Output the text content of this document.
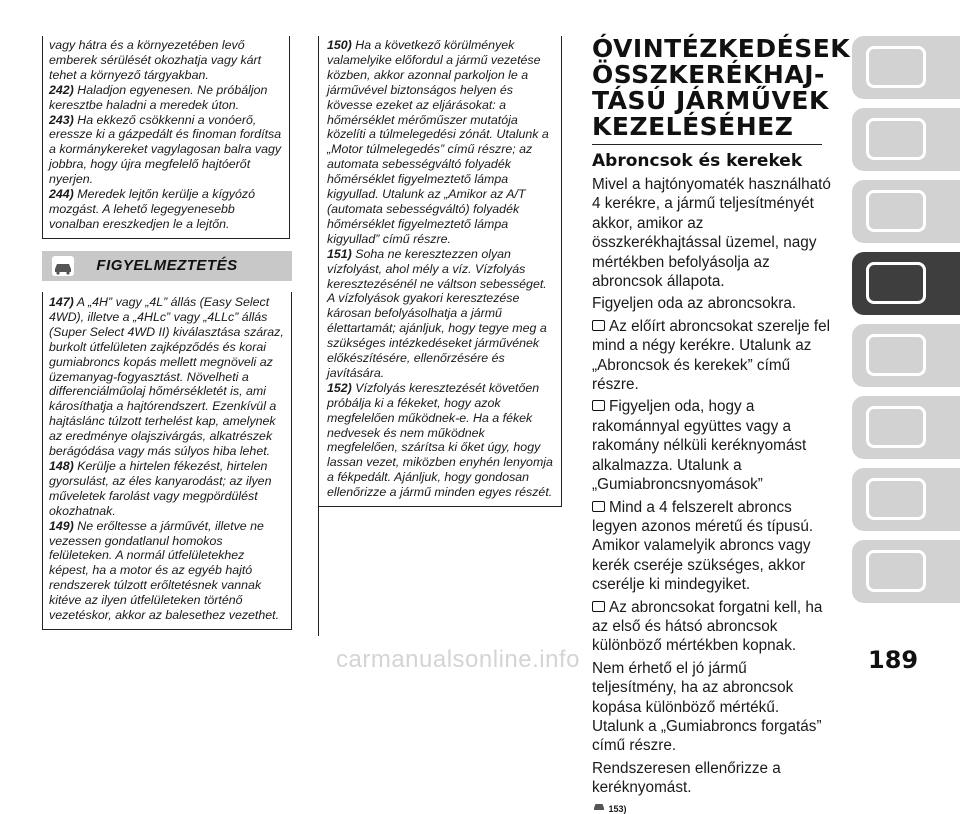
vagy hátra és a környezetében levő emberek sérülését okozhatja vagy kárt tehet a környező tárgyakban.

242) Haladjon egyenesen. Ne próbáljon keresztbe haladni a meredek úton.

243) Ha ekkező csökkenni a vonóerő, eressze ki a gázpedált és finoman fordítsa a kormánykereket vagylagosan balra vagy jobbra, hogy újra megfelelő hajtóerőt nyerjen.

244) Meredek lejtőn kerülje a kígyózó mozgást. A lehető legegyenesebb vonalban ereszkedjen le a lejtőn.

FIGYELMEZTETÉS

147) A „4H” vagy „4L” állás (Easy Select 4WD), illetve a „4HLc” vagy „4LLc” állás (Super Select 4WD II) kiválasztása száraz, burkolt útfelületen zajképződés és korai gumiabroncs kopás mellett megnöveli az üzemanyag-fogyasztást. Növelheti a differenciálműolaj hőmérsékletét is, ami károsíthatja a hajtórendszert. Ezenkívül a hajtáslánc túlzott terhelést kap, amelynek az eredménye olajszivárgás, alkatrészek berágódása vagy más súlyos hiba lehet.

148) Kerülje a hirtelen fékezést, hirtelen gyorsulást, az éles kanyarodást; az ilyen műveletek farolást vagy megpördülést okozhatnak.

149) Ne erőltesse a járművét, illetve ne vezessen gondatlanul homokos felületeken. A normál útfelületekhez képest, ha a motor és az egyéb hajtó rendszerek túlzott erőltetésnek vannak kitéve az ilyen útfelületeken történő vezetéskor, akkor az balesethez vezethet.

150) Ha a következő körülmények valamelyike előfordul a jármű vezetése közben, akkor azonnal parkoljon le a járművével biztonságos helyen és kövesse ezeket az eljárásokat: a hőmérséklet mérőműszer mutatója közelíti a túlmelegedési zónát. Utalunk a „Motor túlmelegedés” című részre; az automata sebességváltó folyadék hőmérséklet figyelmeztető lámpa kigyullad. Utalunk az „Amikor az A/T (automata sebességváltó) folyadék hőmérséklet figyelmeztető lámpa kigyullad” című részre.

151) Soha ne keresztezzen olyan vízfolyást, ahol mély a víz. Vízfolyás keresztezésénél ne váltson sebességet. A vízfolyások gyakori keresztezése károsan befolyásolhatja a jármű élettartamát; ajánljuk, hogy tegye meg a szükséges intézkedéseket járművének előkészítésére, ellenőrzésére és javítására.

152) Vízfolyás keresztezését követően próbálja ki a fékeket, hogy azok megfelelően működnek-e. Ha a fékek nedvesek és nem működnek megfelelően, szárítsa ki őket úgy, hogy lassan vezet, miközben enyhén lenyomja a fékpedált. Ajánljuk, hogy gondosan ellenőrizze a jármű minden egyes részét.

ÓVINTÉZKEDÉSEK ÖSSZKERÉKHAJ-TÁSÚ JÁRMŰVEK KEZELÉSÉHEZ
Abroncsok és kerekek

Mivel a hajtónyomaték használható 4 kerékre, a jármű teljesítményét akkor, amikor az összkerékhajtással üzemel, nagy mértékben befolyásolja az abroncsok állapota.

Figyeljen oda az abroncsokra.

Az előírt abroncsokat szerelje fel mind a négy kerékre. Utalunk az „Abroncsok és kerekek” című részre.

Figyeljen oda, hogy a rakománnyal együttes vagy a rakomány nélküli keréknyomást alkalmazza. Utalunk a „Gumiabroncsnyomások”

Mind a 4 felszerelt abroncs legyen azonos méretű és típusú. Amikor valamelyik abroncs vagy kerék cseréje szükséges, akkor cserélje ki mindegyiket.

Az abroncsokat forgatni kell, ha az első és hátsó abroncsok különböző mértékben kopnak.

Nem érhető el jó jármű teljesítmény, ha az abroncsok kopása különböző mértékű. Utalunk a „Gumiabroncs forgatás” című részre.

Rendszeresen ellenőrizze a keréknyomást.

153)
189
carmanualsonline.info
